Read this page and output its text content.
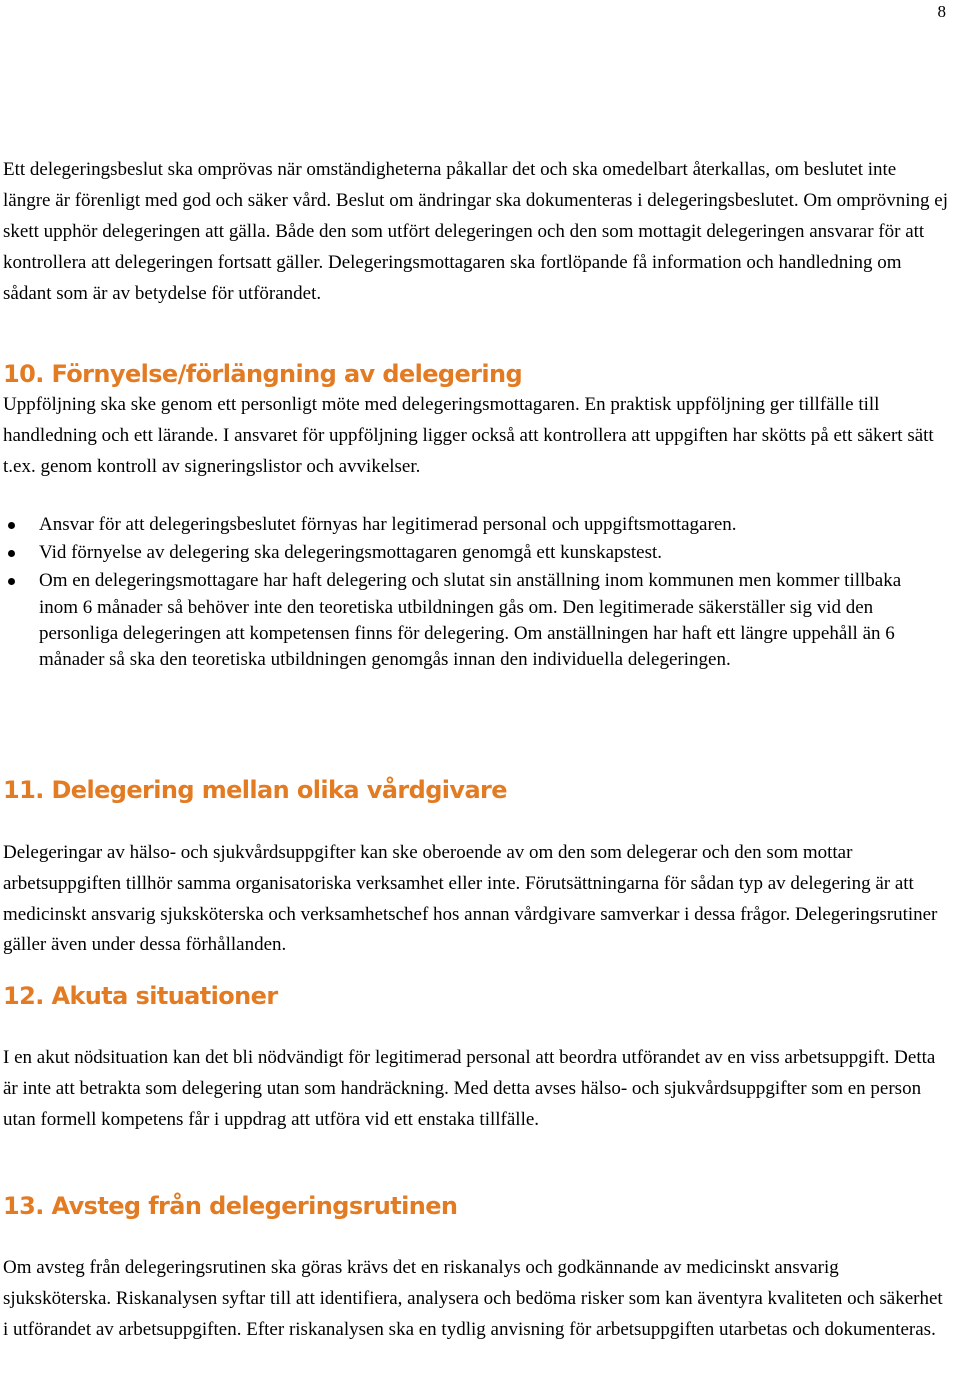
8

Ett delegeringsbeslut ska omprövas när omständigheterna påkallar det och ska omedelbart återkallas, om beslutet inte längre är förenligt med god och säker vård. Beslut om ändringar ska dokumenteras i delegeringsbeslutet. Om omprövning ej skett upphör delegeringen att gälla. Både den som utfört delegeringen och den som mottagit delegeringen ansvarar för att kontrollera att delegeringen fortsatt gäller. Delegeringsmottagaren ska fortlöpande få information och handledning om sådant som är av betydelse för utförandet.

10. Förnyelse/förlängning av delegering

Uppföljning ska ske genom ett personligt möte med delegeringsmottagaren. En praktisk uppföljning ger tillfälle till handledning och ett lärande. I ansvaret för uppföljning ligger också att kontrollera att uppgiften har skötts på ett säkert sätt t.ex. genom kontroll av signeringslistor och avvikelser.

Ansvar för att delegeringsbeslutet förnyas har legitimerad personal och uppgiftsmottagaren.
Vid förnyelse av delegering ska delegeringsmottagaren genomgå ett kunskapstest.
Om en delegeringsmottagare har haft delegering och slutat sin anställning inom kommunen men kommer tillbaka inom 6 månader så behöver inte den teoretiska utbildningen gås om. Den legitimerade säkerställer sig vid den personliga delegeringen att kompetensen finns för delegering. Om anställningen har haft ett längre uppehåll än 6 månader så ska den teoretiska utbildningen genomgås innan den individuella delegeringen.
11. Delegering mellan olika vårdgivare

Delegeringar av hälso- och sjukvårdsuppgifter kan ske oberoende av om den som delegerar och den som mottar arbetsuppgiften tillhör samma organisatoriska verksamhet eller inte. Förutsättningarna för sådan typ av delegering är att medicinskt ansvarig sjuksköterska och verksamhetschef hos annan vårdgivare samverkar i dessa frågor. Delegeringsrutiner gäller även under dessa förhållanden.

12. Akuta situationer

I en akut nödsituation kan det bli nödvändigt för legitimerad personal att beordra utförandet av en viss arbetsuppgift. Detta är inte att betrakta som delegering utan som handräckning. Med detta avses hälso- och sjukvårdsuppgifter som en person utan formell kompetens får i uppdrag att utföra vid ett enstaka tillfälle.

13. Avsteg från delegeringsrutinen

Om avsteg från delegeringsrutinen ska göras krävs det en riskanalys och godkännande av medicinskt ansvarig sjuksköterska. Riskanalysen syftar till att identifiera, analysera och bedöma risker som kan äventyra kvaliteten och säkerhet i utförandet av arbetsuppgiften. Efter riskanalysen ska en tydlig anvisning för arbetsuppgiften utarbetas och dokumenteras.
